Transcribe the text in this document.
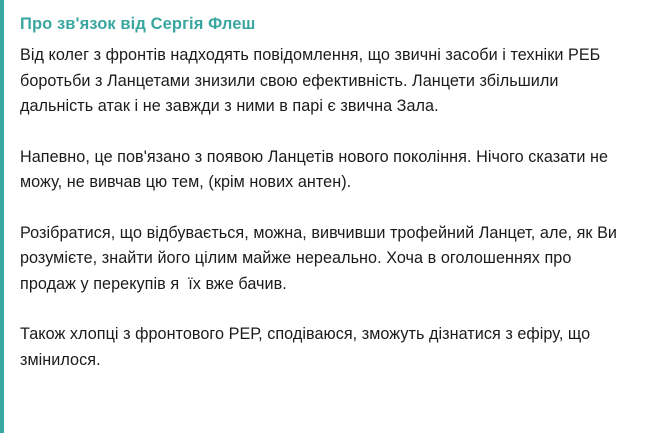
Про зв'язок від Сергія Флеш

Від колег з фронтів надходять повідомлення, що звичні засоби і техніки РЕБ боротьби з Ланцетами знизили свою ефективність. Ланцети збільшили дальність атак і не завжди з ними в парі є звична Зала.

Напевно, це пов'язано з появою Ланцетів нового покоління. Нічого сказати не можу, не вивчав цю тем, (крім нових антен).

Розібратися, що відбувається, можна, вивчивши трофейний Ланцет, але, як Ви розумієте, знайти його цілим майже нереально. Хоча в оголошеннях про продаж у перекупів я  їх вже бачив.

Також хлопці з фронтового РЕР, сподіваюся, зможуть дізнатися з ефіру, що змінилося.
